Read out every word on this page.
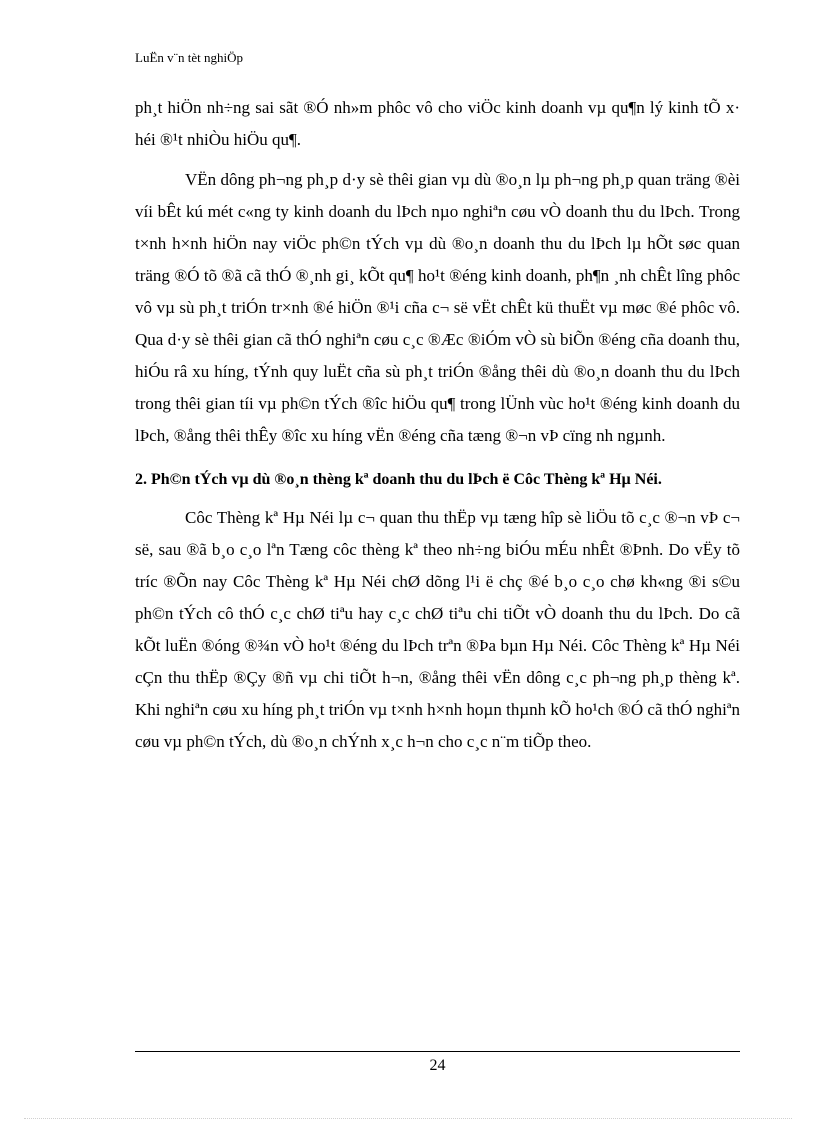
LuËn v¨n tèt nghiÖp

ph¸t hiÖn nh÷ng sai sãt ®Ó nh»m phôc vô cho viÖc kinh doanh vµ qu¶n lý kinh tÕ x· héi ®¹t nhiÒu hiÖu qu¶.

VËn dông ph¬ng ph¸p d·y sè thêi gian vµ dù ®o¸n lµ ph¬ng ph¸p quan träng ®èi víi bÊt kú mét c«ng ty kinh doanh du lÞch nµo nghiªn cøu vÒ doanh thu du lÞch. Trong t×nh h×nh hiÖn nay viÖc ph©n tÝch vµ dù ®o¸n doanh thu du lÞch lµ hÕt søc quan träng ®Ó tõ ®ã cã thÓ ®¸nh gi¸ kÕt qu¶ ho¹t ®éng kinh doanh, ph¶n ¸nh chÊt lîng phôc vô vµ sù ph¸t triÓn tr×nh ®é hiÖn ®¹i cña c¬ së vËt chÊt kü thuËt vµ møc ®é phôc vô. Qua d·y sè thêi gian cã thÓ nghiªn cøu c¸c ®Æc ®iÓm vÒ sù biÕn ®éng cña doanh thu, hiÓu râ xu híng, tÝnh quy luËt cña sù ph¸t triÓn ®ång thêi dù ®o¸n doanh thu du lÞch trong thêi gian tíi vµ ph©n tÝch ®îc hiÖu qu¶ trong lÜnh vùc ho¹t ®éng kinh doanh du lÞch, ®ång thêi thÊy ®îc xu híng vËn ®éng cña tæng ®¬n vÞ cïng nh ngµnh.

2. Ph©n tÝch vµ dù ®o¸n thèng kª doanh thu du lÞch ë Côc Thèng kª Hµ Néi.

Côc Thèng kª Hµ Néi lµ c¬ quan thu thËp vµ tæng hîp sè liÖu tõ c¸c ®¬n vÞ c¬ së, sau ®ã b¸o c¸o lªn Tæng côc thèng kª theo nh÷ng biÓu mÉu nhÊt ®Þnh. Do vËy tõ tríc ®Õn nay Côc Thèng kª Hµ Néi chØ dõng l¹i ë chç ®é b¸o c¸o chø kh«ng ®i s©u ph©n tÝch cô thÓ c¸c chØ tiªu hay c¸c chØ tiªu chi tiÕt vÒ doanh thu du lÞch. Do cã kÕt luËn ®óng ®¾n vÒ ho¹t ®éng du lÞch trªn ®Þa bµn Hµ Néi. Côc Thèng kª Hµ Néi cÇn thu thËp ®Çy ®ñ vµ chi tiÕt h¬n, ®ång thêi vËn dông c¸c ph¬ng ph¸p thèng kª. Khi nghiªn cøu xu híng ph¸t triÓn vµ t×nh h×nh hoµn thµnh kÕ ho¹ch ®Ó cã thÓ nghiªn cøu vµ ph©n tÝch, dù ®o¸n chÝnh x¸c h¬n cho c¸c n¨m tiÕp theo.

24
